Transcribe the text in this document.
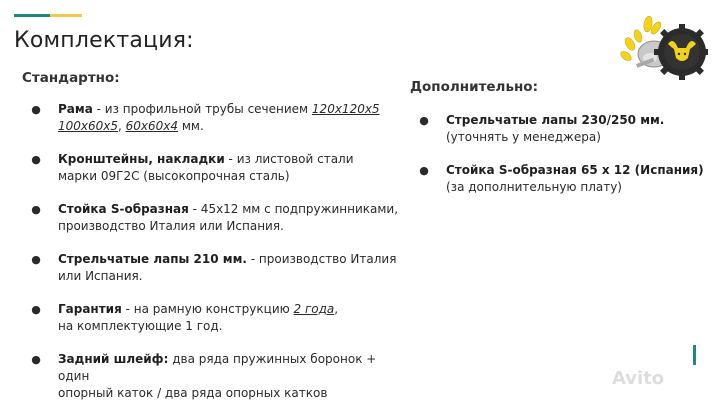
Комплектация:
Стандартно:
● Рама - из профильной трубы сечением 120х120х5
100х60х5, 60х60х4 мм.
● Кронштейны, накладки - из листовой стали
марки 09Г2С (высокопрочная сталь)
● Стойка S-образная - 45х12 мм с подпружинниками,
производство Италия или Испания.
● Стрельчатые лапы 210 мм. - производство Италия
или Испания.
● Гарантия - на рамную конструкцию 2 года,
на комплектующие 1 год.
● Задний шлейф: два ряда пружинных боронок + один
опорный каток / два ряда опорных катков
Дополнительно:
● Стрельчатые лапы 230/250 мм.
(уточнять у менеджера)
● Стойка S-образная 65 х 12 (Испания)
(за дополнительную плату)
Avito
